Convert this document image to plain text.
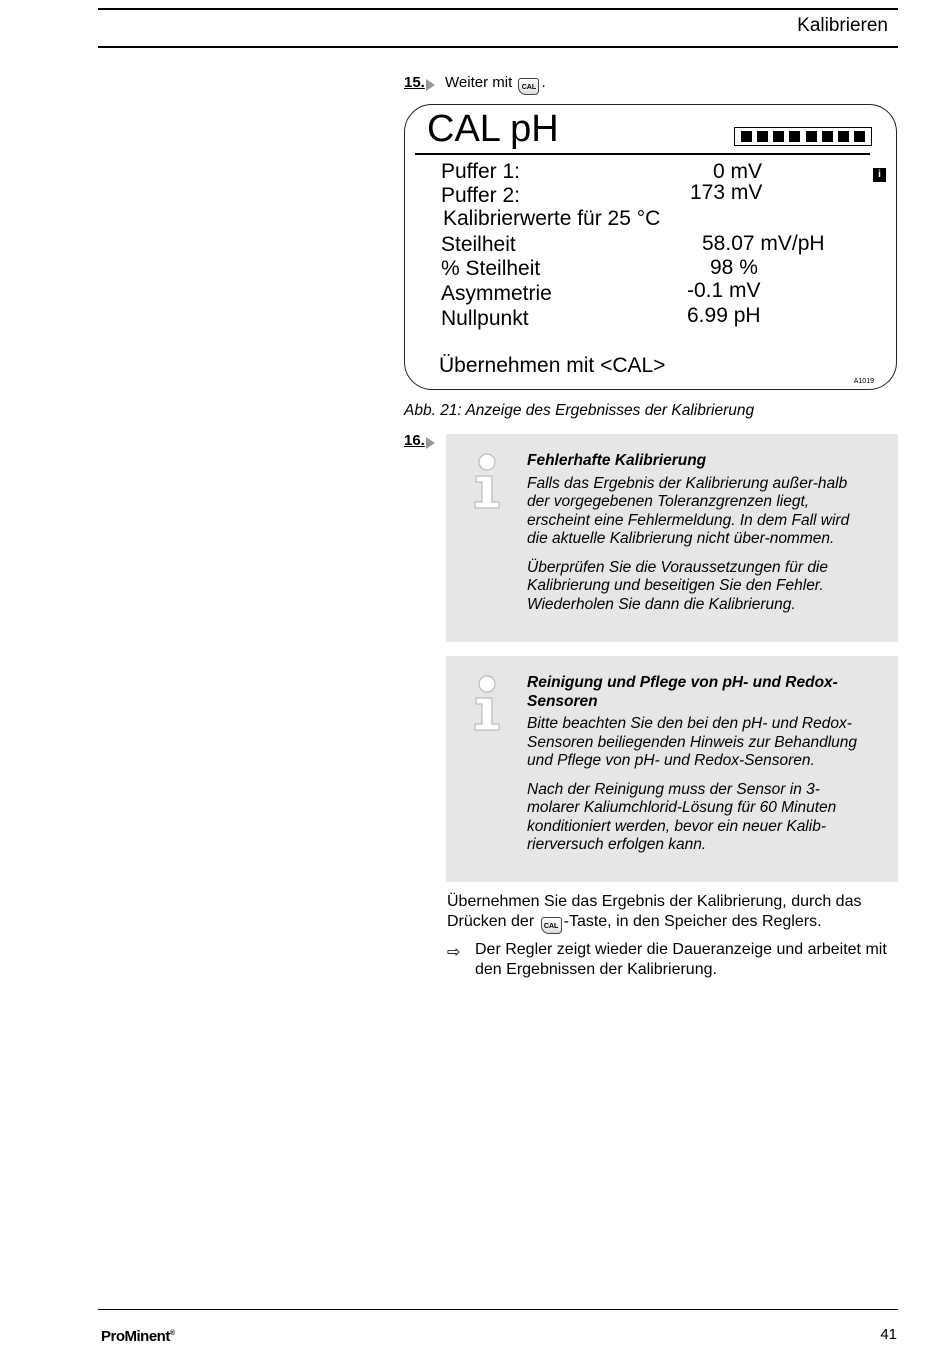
Kalibrieren
15. Weiter mit CAL .
CAL pH
i
Puffer 1:	0 mV
Puffer 2:	173 mV
Kalibrierwerte für 25 °C
Steilheit	58.07 mV/pH
% Steilheit	98 %
Asymmetrie	-0.1 mV
Nullpunkt	6.99 pH
Übernehmen mit <CAL>
A1019
Abb. 21: Anzeige des Ergebnisses der Kalibrierung
16.

Fehlerhafte Kalibrierung

Falls das Ergebnis der Kalibrierung außer-halb der vorgegebenen Toleranzgrenzen liegt, erscheint eine Fehlermeldung. In dem Fall wird die aktuelle Kalibrierung nicht über-nommen.

Überprüfen Sie die Voraussetzungen für die Kalibrierung und beseitigen Sie den Fehler. Wiederholen Sie dann die Kalibrierung.

Reinigung und Pflege von pH- und Redox-Sensoren

Bitte beachten Sie den bei den pH- und Redox-Sensoren beiliegenden Hinweis zur Behandlung und Pflege von pH- und Redox-Sensoren.

Nach der Reinigung muss der Sensor in 3-molarer Kaliumchlorid-Lösung für 60 Minuten konditioniert werden, bevor ein neuer Kalib-rierversuch erfolgen kann.

Übernehmen Sie das Ergebnis der Kalibrierung, durch das Drücken der CAL -Taste, in den Speicher des Reglers.
⇨ Der Regler zeigt wieder die Daueranzeige und arbeitet mit den Ergebnissen der Kalibrierung.
ProMinent®	41
